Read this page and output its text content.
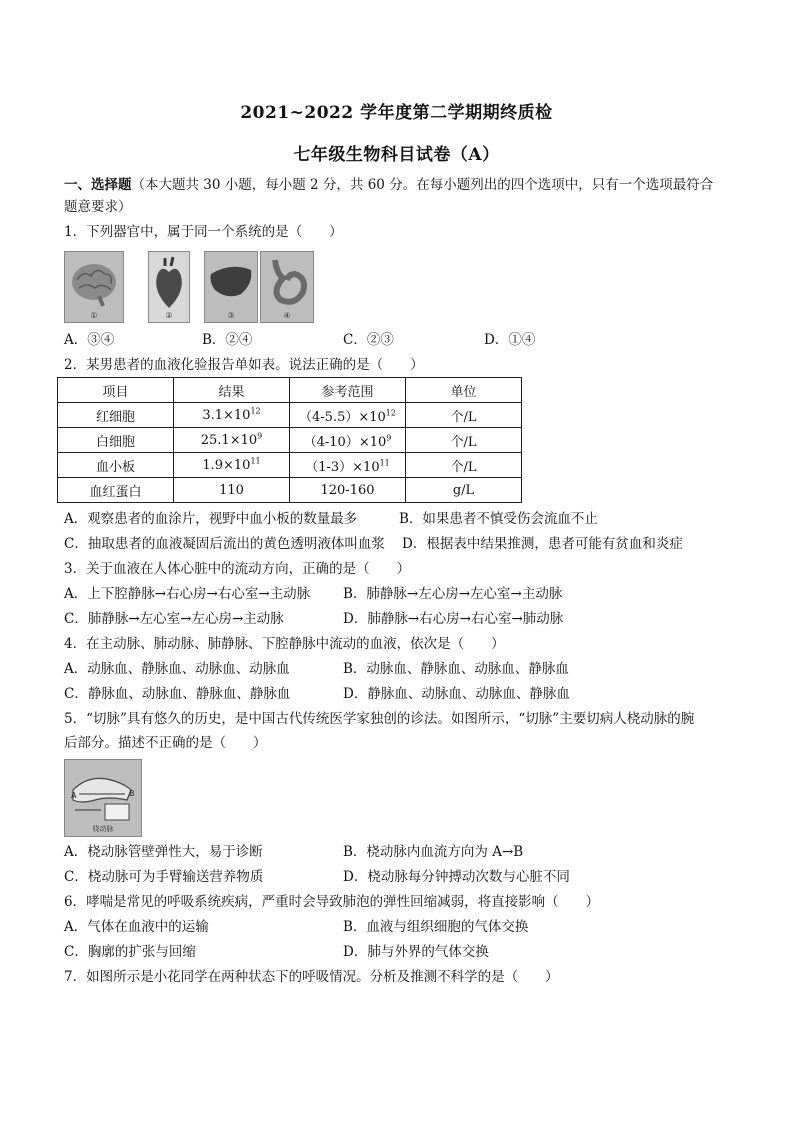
2021~2022 学年度第二学期期终质检
七年级生物科目试卷（A）
一、选择题（本大题共 30 小题，每小题 2 分，共 60 分。在每小题列出的四个选项中，只有一个选项最符合
题意要求）
1．下列器官中，属于同一个系统的是（　　）
①	②	③	④
A．③④	B．②④	C．②③	D．①④
2．某男患者的血液化验报告单如表。说法正确的是（　　）
项目	结果	参考范围	单位
红细胞	$3.1\times 10^{12}$	$(4-5.5)\times 10^{12}$	个/L
白细胞	$25.1\times 10^9$	$(4-10)\times 10^9$	个/L
血小板	$1.9\times 10^{11}$	$(1-3)\times 10^{11}$	个/L
血红蛋白	110	120-160	g/L
A．观察患者的血涂片，视野中血小板的数量最多	B．如果患者不慎受伤会流血不止
C．抽取患者的血液凝固后流出的黄色透明液体叫血浆 D．根据表中结果推测，患者可能有贫血和炎症
3．关于血液在人体心脏中的流动方向，正确的是（　　）
A．上下腔静脉→右心房→右心室→主动脉 B．肺静脉→左心房→左心室→主动脉
C．肺静脉→左心室→左心房→主动脉	D．肺静脉→右心房→右心室→肺动脉
4．在主动脉、肺动脉、肺静脉、下腔静脉中流动的血液，依次是（　　）
A．动脉血、静脉血、动脉血、动脉血	B．动脉血、静脉血、动脉血、静脉血
C．静脉血、动脉血、静脉血、静脉血	D．静脉血、动脉血、动脉血、静脉血
5．“切脉”具有悠久的历史，是中国古代传统医学家独创的诊法。如图所示，“切脉”主要切病人桡动脉的腕
后部分。描述不正确的是（　　）
A	B
桡动脉
A．桡动脉管壁弹性大，易于诊断	B．桡动脉内血流方向为 A→B
C．桡动脉可为手臂输送营养物质	D．桡动脉每分钟搏动次数与心脏不同
6．哮喘是常见的呼吸系统疾病，严重时会导致肺泡的弹性回缩减弱，将直接影响（　　）
A．气体在血液中的运输	B．血液与组织细胞的气体交换
C．胸廓的扩张与回缩	D．肺与外界的气体交换
7．如图所示是小花同学在两种状态下的呼吸情况。分析及推测不科学的是（　　）
